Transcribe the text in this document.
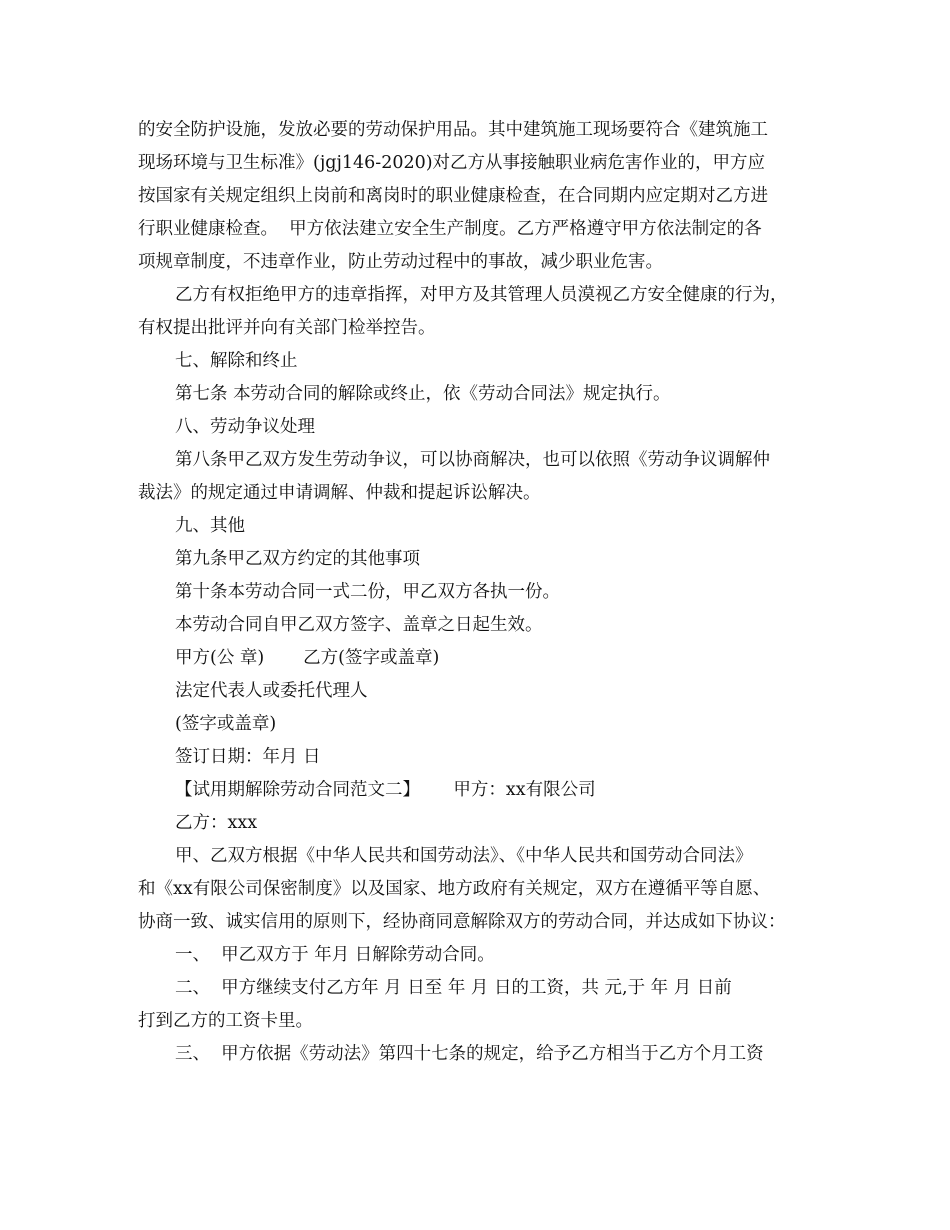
的安全防护设施，发放必要的劳动保护用品。其中建筑施工现场要符合《建筑施工
现场环境与卫生标准》(jgj146-2020)对乙方从事接触职业病危害作业的，甲方应
按国家有关规定组织上岗前和离岗时的职业健康检查，在合同期内应定期对乙方进
行职业健康检查。  甲方依法建立安全生产制度。乙方严格遵守甲方依法制定的各
项规章制度，不违章作业，防止劳动过程中的事故，减少职业危害。
乙方有权拒绝甲方的违章指挥，对甲方及其管理人员漠视乙方安全健康的行为，
有权提出批评并向有关部门检举控告。
七、解除和终止
第七条 本劳动合同的解除或终止，依《劳动合同法》规定执行。
八、劳动争议处理
第八条甲乙双方发生劳动争议，可以协商解决，也可以依照《劳动争议调解仲
裁法》的规定通过申请调解、仲裁和提起诉讼解决。
九、其他
第九条甲乙双方约定的其他事项
第十条本劳动合同一式二份，甲乙双方各执一份。
本劳动合同自甲乙双方签字、盖章之日起生效。
甲方(公 章)       乙方(签字或盖章)
法定代表人或委托代理人
(签字或盖章)
签订日期：年月 日
【试用期解除劳动合同范文二】      甲方：xx有限公司
乙方：xxx
甲、乙双方根据《中华人民共和国劳动法》、《中华人民共和国劳动合同法》
和《xx有限公司保密制度》以及国家、地方政府有关规定，双方在遵循平等自愿、
协商一致、诚实信用的原则下，经协商同意解除双方的劳动合同，并达成如下协议：
一、  甲乙双方于 年月 日解除劳动合同。
二、  甲方继续支付乙方年 月 日至 年 月 日的工资，共 元,于 年 月 日前
打到乙方的工资卡里。
三、  甲方依据《劳动法》第四十七条的规定，给予乙方相当于乙方个月工资
